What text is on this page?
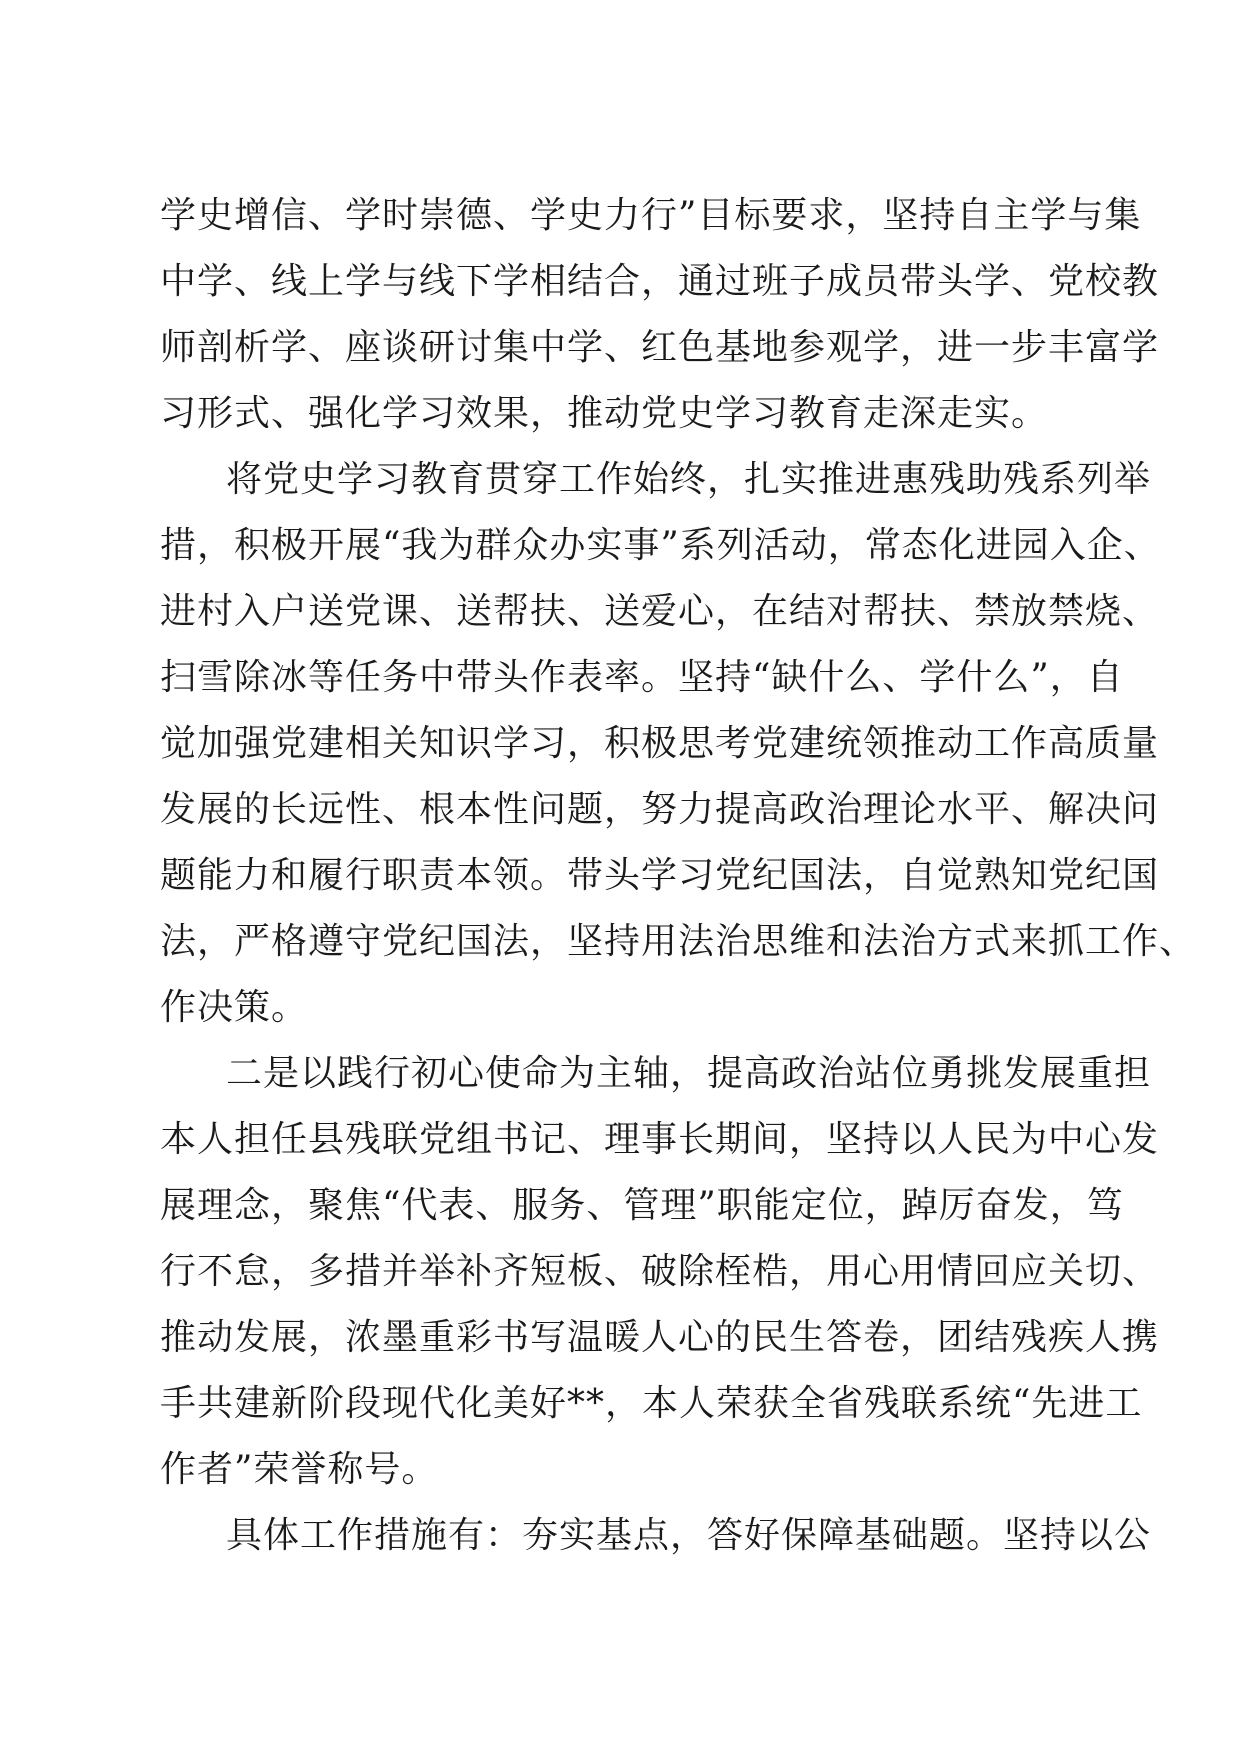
学史增信、学时崇德、学史力行”目标要求，坚持自主学与集
中学、线上学与线下学相结合，通过班子成员带头学、党校教
师剖析学、座谈研讨集中学、红色基地参观学，进一步丰富学
习形式、强化学习效果，推动党史学习教育走深走实。
将党史学习教育贯穿工作始终，扎实推进惠残助残系列举
措，积极开展“我为群众办实事”系列活动，常态化进园入企、
进村入户送党课、送帮扶、送爱心，在结对帮扶、禁放禁烧、
扫雪除冰等任务中带头作表率。坚持“缺什么、学什么”，自
觉加强党建相关知识学习，积极思考党建统领推动工作高质量
发展的长远性、根本性问题，努力提高政治理论水平、解决问
题能力和履行职责本领。带头学习党纪国法，自觉熟知党纪国
法，严格遵守党纪国法，坚持用法治思维和法治方式来抓工作、
作决策。
二是以践行初心使命为主轴，提高政治站位勇挑发展重担
本人担任县残联党组书记、理事长期间，坚持以人民为中心发
展理念，聚焦“代表、服务、管理”职能定位，踔厉奋发，笃
行不怠，多措并举补齐短板、破除桎梏，用心用情回应关切、
推动发展，浓墨重彩书写温暖人心的民生答卷，团结残疾人携
手共建新阶段现代化美好**，本人荣获全省残联系统“先进工
作者”荣誉称号。
具体工作措施有：夯实基点，答好保障基础题。坚持以公
